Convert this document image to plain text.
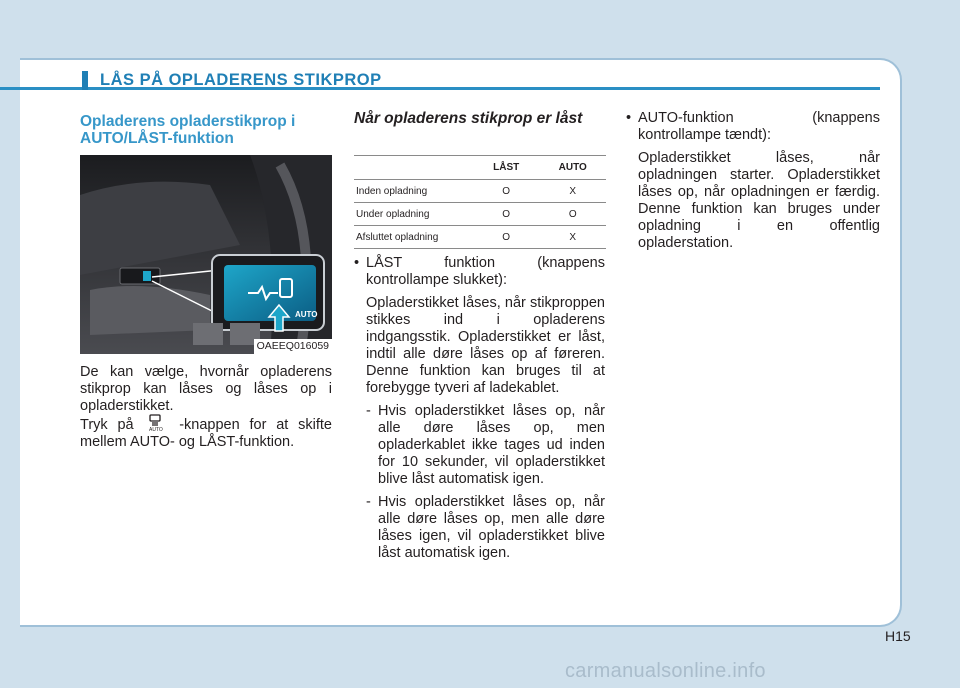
LÅS PÅ OPLADERENS STIKPROP
Opladerens opladerstikprop i AUTO/LÅST-funktion
AUTO
OAEEQ016059

De kan vælge, hvornår opladerens stikprop kan låses og låses op i opladerstikket.

Tryk på	AUTO -knappen for at skifte mellem AUTO- og LÅST-funktion.

Når opladerens stikprop er låst
	LÅST	AUTO
Inden opladning	O	X
Under opladning	O	O
Afsluttet opladning	O	X
• LÅST funktion (knappens kontrollampe slukket):
Opladerstikket låses, når stikproppen stikkes ind i opladerens indgangsstik. Opladerstikket er låst, indtil alle døre låses op af føreren. Denne funktion kan bruges til at forebygge tyveri af ladekablet.
- Hvis opladerstikket låses op, når alle døre låses op, men opladerkablet ikke tages ud inden for 10 sekunder, vil opladerstikket blive låst automatisk igen.
- Hvis opladerstikket låses op, når alle døre låses op, men alle døre låses igen, vil opladerstikket blive låst automatisk igen.
• AUTO-funktion (knappens kontrollampe tændt):
Opladerstikket låses, når opladningen starter. Opladerstikket låses op, når opladningen er færdig. Denne funktion kan bruges under opladning i en offentlig opladerstation.
H15
carmanualsonline.info
